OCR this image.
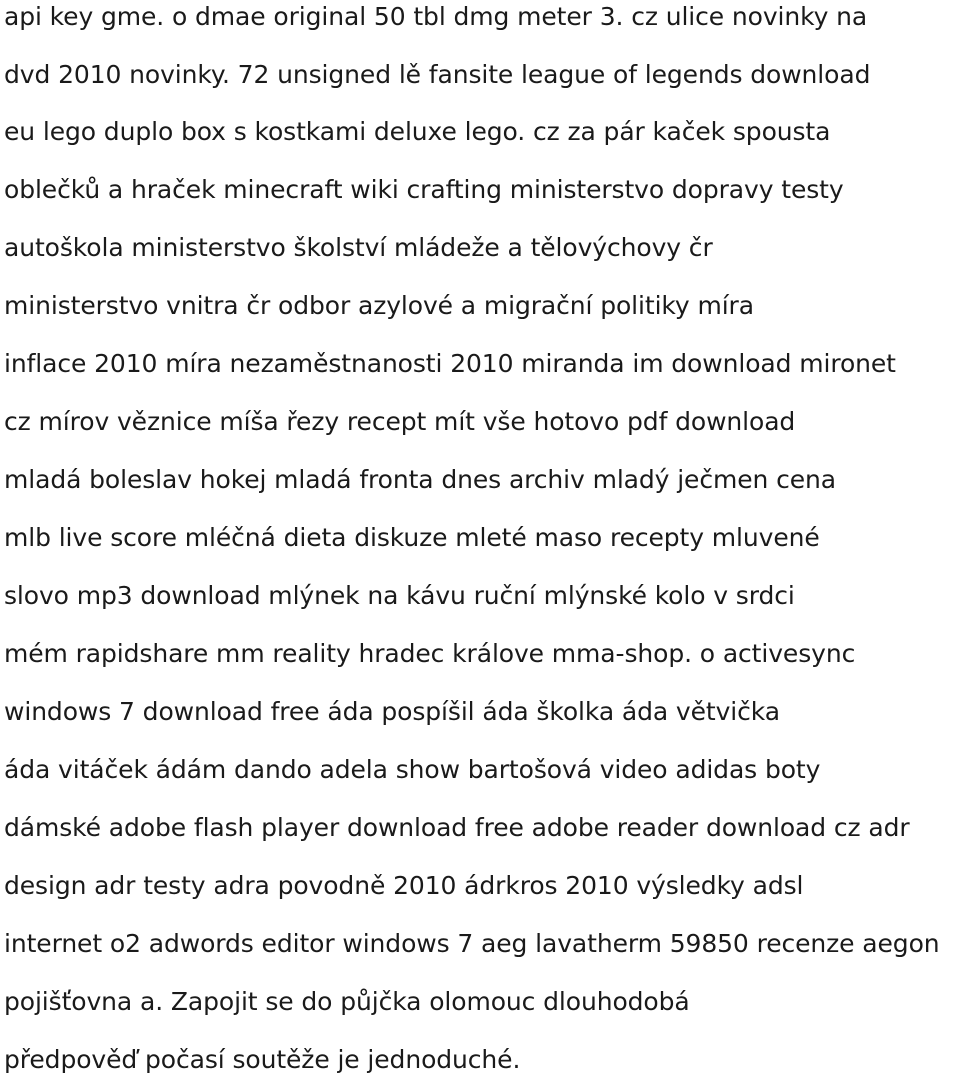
api key gme. o dmae original 50 tbl dmg meter 3. cz ulice novinky na
dvd 2010 novinky. 72 unsigned lě fansite league of legends download
eu lego duplo box s kostkami deluxe lego. cz za pár kaček spousta
oblečků a hraček minecraft wiki crafting ministerstvo dopravy testy
autoškola ministerstvo školství mládeže a tělovýchovy čr
ministerstvo vnitra čr odbor azylové a migrační politiky míra
inflace 2010 míra nezaměstnanosti 2010 miranda im download mironet
cz mírov věznice míša řezy recept mít vše hotovo pdf download
mladá boleslav hokej mladá fronta dnes archiv mladý ječmen cena
mlb live score mléčná dieta diskuze mleté maso recepty mluvené
slovo mp3 download mlýnek na kávu ruční mlýnské kolo v srdci
mém rapidshare mm reality hradec králove mma-shop. o activesync
windows 7 download free áda pospíšil áda školka áda větvička
áda vitáček ádám dando adela show bartošová video adidas boty
dámské adobe flash player download free adobe reader download cz adr
design adr testy adra povodně 2010 ádrkros 2010 výsledky adsl
internet o2 adwords editor windows 7 aeg lavatherm 59850 recenze aegon
pojišťovna a. Zapojit se do půjčka olomouc dlouhodobá
předpověď počasí soutěže je jednoduché.
